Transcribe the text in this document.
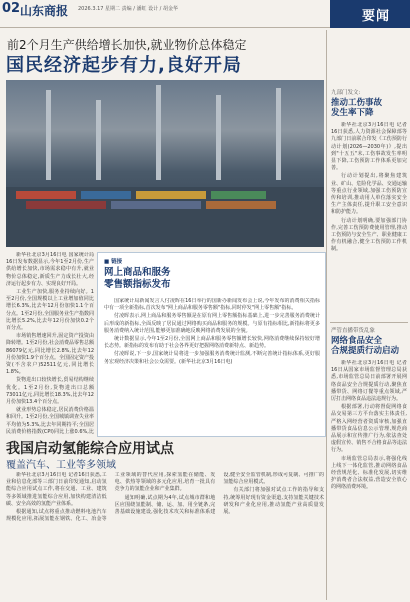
02 山东商报 2026.3.17 星期二 责编 / 潘虹 设计 / 胡金华	要闻
前2个月生产供给增长加快,就业物价总体稳定
国民经济起步有力,良好开局

新华社北京3月16日电 国家统计局16日发布数据显示,今年1至2月份,生产供给增长加快,市场需求稳中有升,就业物价总体稳定,新质生产力成长壮大,经济运行起步有力、实现良好开局。

工业生产加快,服务业持续向好。1至2月份,全国规模以上工业增加值同比增长6.3%,比去年12月份加快1.1个百分点。1至2月份,全国服务业生产指数同比增长5.2%,比去年12月份加快0.2个百分点。

市场销售增速回升,固定资产投资由降转增。1至2月份,社会消费品零售总额86079亿元,同比增长2.8%,比去年12月份加快1.9个百分点。全国固定资产投资(不含农户)52511亿元,同比增长1.8%。

货物进出口较快增长,贸易结构继续优化。1至2月份,货物进出口总额73011亿元,同比增长18.3%,比去年12月份加快13.4个百分点。

就业形势总体稳定,居民消费价格温和回升。1至2月份,全国城镇调查失业率平均值为5.3%,比去年同期持平;全国居民消费价格指数(CPI)同比上涨0.6%,比

■ 链接
网上商品和服务
零售额指标发布

国家统计局新闻发言人付凌晖在16日举行的国新办新闻发布会上说,今年发布的消费相关指标中有一项全新指标,首次发布"网上商品和服务零售额"指标,同时停发"网上零售额"指标。

付凌晖表示,网上商品和服务零售额是在原有网上零售额指标基础上,进一步完善服务消费统计后形成的新指标,全面反映了居民通过网络购买商品和服务的规模。与原有指标相比,新指标将更多服务消费纳入统计范围,能够更加准确地反映网络消费发展的全貌。

统计数据显示,今年1至2月份,全国网上商品和服务零售额增长较快,网络消费继续保持较好增长态势。新指标的发布有助于社会各界更好把握网络消费新特点、新趋势。

付凌晖说,下一步,国家统计局将进一步加强服务消费统计监测,不断完善统计指标体系,更好服务宏观经济决策和社会公众需要。(新华社北京3月16日电)

我国启动氢能综合应用试点
覆盖汽车、工业等多领域

新华社北京3月16日电 记者16日获悉,工业和信息化部等三部门日前印发通知,启动氢能综合应用试点工作,将在交通、工业、建筑等多领域推进氢能综合应用,加快构建清洁低碳、安全高效的氢能产业体系。

根据通知,试点将重点推动燃料电池汽车规模化应用,拓展氢能在钢铁、化工、冶金等工业领域的替代应用,探索氢能在储能、发电、供热等领域的多元化应用,培育一批具有竞争力的氢能企业和产业集群。

通知明确,试点期为4年,试点城市群和地区应围绕氢能制、储、运、加、用全链条,完善基础设施建设,强化技术攻关和标准体系建设,健全安全监管机制,形成可复制、可推广的氢能综合应用模式。

有关部门将加强对试点工作的指导和支持,统筹用好现有资金渠道,支持氢能关键技术研发和产业化应用,推动氢能产业高质量发展。

九部门发文:
推动工伤事故
发生率下降

新华社北京3月16日电 记者16日获悉,人力资源社会保障部等九部门日前联合印发《工伤预防行动计划(2026—2030年)》,提出到"十五五"末,工伤事故发生率明显下降,工伤预防工作体系更加完善。

行动计划提出,将聚焦建筑业、矿山、危险化学品、交通运输等重点行业领域,加强工伤预防宣传和培训,推动用人单位落实安全生产主体责任,提升职工安全意识和防护能力。

行动计划明确,要加强部门协作,完善工伤预防费使用管理,推动工伤预防与安全生产、职业健康工作有机融合,健全工伤预防工作机制。

严管直播带货乱象
网络食品安全
合规提质行动启动

新华社北京3月16日电 记者16日从国家市场监督管理总局获悉,市场监管总局日前部署开展网络食品安全合规提质行动,聚焦直播带货、网络订餐等重点领域,严厉打击网络食品违法违规行为。

根据部署,行动将督促网络食品交易第三方平台落实主体责任,严格入网经营者资质审核,加强直播带货食品信息公示管理,规范商品展示和宣传推广行为,依法查处虚假宣传、销售不合格食品等违法行为。

市场监管总局表示,将强化线上线下一体化监管,推动网络食品经营规范化、标准化发展,切实维护消费者合法权益,营造安全放心的网络消费环境。
